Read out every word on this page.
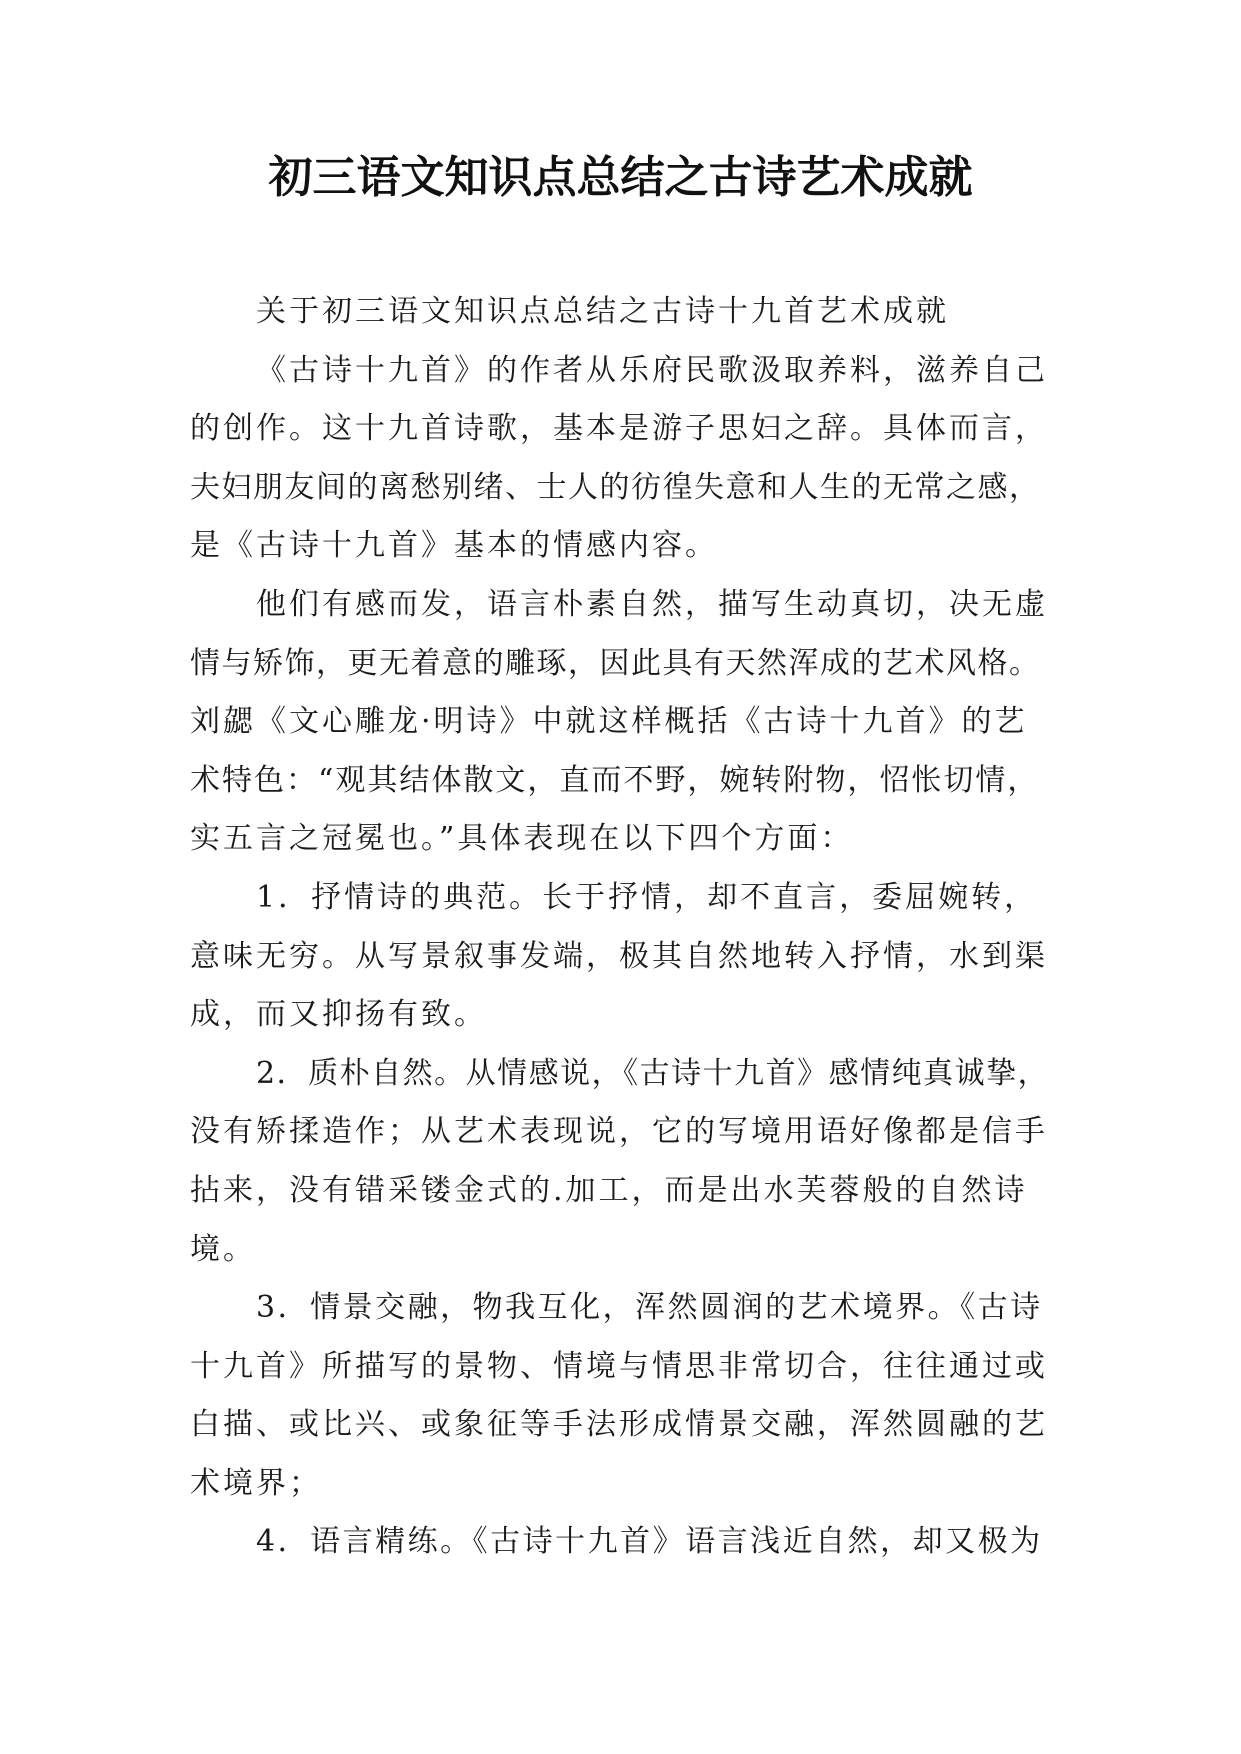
初三语文知识点总结之古诗艺术成就
关于初三语文知识点总结之古诗十九首艺术成就
《古诗十九首》的作者从乐府民歌汲取养料，滋养自己
的创作。这十九首诗歌，基本是游子思妇之辞。具体而言，
夫妇朋友间的离愁别绪、士人的彷徨失意和人生的无常之感，
是《古诗十九首》基本的情感内容。
他们有感而发，语言朴素自然，描写生动真切，决无虚
情与矫饰，更无着意的雕琢，因此具有天然浑成的艺术风格。
刘勰《文心雕龙·明诗》中就这样概括《古诗十九首》的艺
术特色：“观其结体散文，直而不野，婉转附物，怊怅切情，
实五言之冠冕也。”具体表现在以下四个方面：
1．抒情诗的典范。长于抒情，却不直言，委屈婉转，
意味无穷。从写景叙事发端，极其自然地转入抒情，水到渠
成，而又抑扬有致。
2．质朴自然。从情感说，《古诗十九首》感情纯真诚挚，
没有矫揉造作；从艺术表现说，它的写境用语好像都是信手
拈来，没有错采镂金式的.加工，而是出水芙蓉般的自然诗
境。
3．情景交融，物我互化，浑然圆润的艺术境界。《古诗
十九首》所描写的景物、情境与情思非常切合，往往通过或
白描、或比兴、或象征等手法形成情景交融，浑然圆融的艺
术境界；
4．语言精练。《古诗十九首》语言浅近自然，却又极为
